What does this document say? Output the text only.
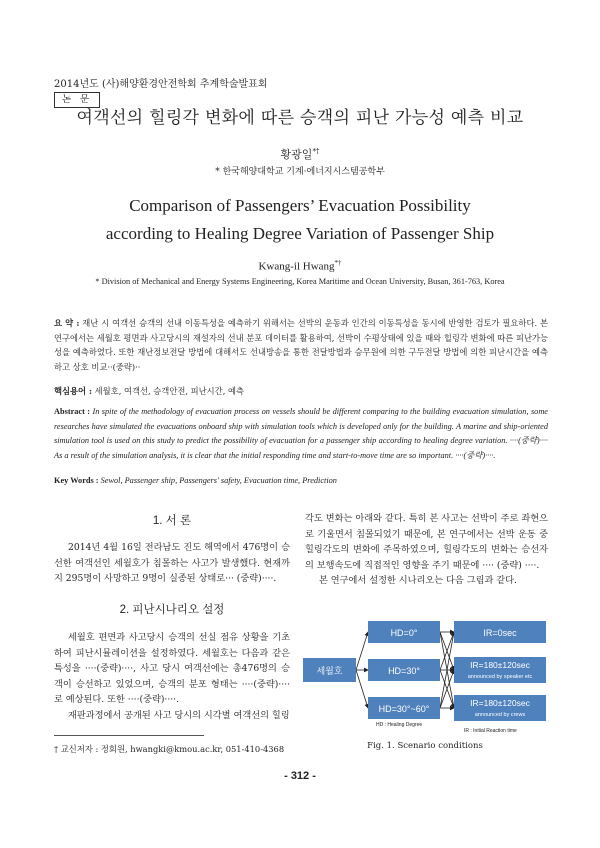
2014년도 (사)해양환경안전학회 추계학술발표회
논 문
여객선의 힐링각 변화에 따른 승객의 피난 가능성 예측 비교
황광일*†
* 한국해양대학교 기계·에너지시스템공학부
Comparison of Passengers’ Evacuation Possibility
according to Healing Degree Variation of Passenger Ship
Kwang-il Hwang*†
* Division of Mechanical and Energy Systems Engineering, Korea Maritime and Ocean University, Busan, 361-763, Korea
요 약 : 재난 시 여객선 승객의 선내 이동특성을 예측하기 위해서는 선박의 운동과 인간의 이동특성을 동시에 반영한 검토가 필요하다. 본 연구에서는 세월호 평면과 사고당시의 재설자의 선내 분포 데이터를 활용하여, 선박이 수평상태에 있을 때와 힐링각 변화에 따른 피난가능성을 예측하였다. 또한 재난정보전달 방법에 대해서도 선내방송을 통한 전달방법과 승무원에 의한 구두전달 방법에 의한 피난시간을 예측하고 상호 비교··(중략)··
핵심용어 : 세월호, 여객선, 승객안전, 피난시간, 예측
Abstract : In spite of the methodology of evacuation process on vessels should be different comparing to the building evacuation simulation, some researches have simulated the evacuations onboard ship with simulation tools which is developed only for the building. A marine and ship-oriented simulation tool is used on this study to predict the possibility of evacuation for a passenger ship according to healing degree variation. ····(중략)···· As a result of the simulation analysis, it is clear that the initial responding time and start-to-move time are so important. ····(중략)····.
Key Words : Sewol, Passenger ship, Passengers' safety, Evacuation time, Prediction
1. 서 론

2014년 4월 16일 전라남도 진도 해역에서 476명이 승선한 여객선인 세월호가 침몰하는 사고가 발생했다. 현재까지 295명이 사망하고 9명이 실종된 상태로··· (중략)····.

2. 피난시나리오 설정

세월호 편면과 사고당시 승객의 선실 점유 상황을 기초하여 피난시뮬레이션을 설정하였다. 세월호는 다음과 같은 특성을 ····(중략)····, 사고 당시 여객선에는 총476명의 승객이 승선하고 있었으며, 승객의 분포 형태는 ····(중략)···· 로 예상된다. 또한 ····(중략)····.

재판과정에서 공개된 사고 당시의 시각별 여객선의 힐링

각도 변화는 아래와 같다. 특히 본 사고는 선박이 주로 좌현으로 기울면서 침몰되었기 때문에, 본 연구에서는 선박 운동 중 힐링각도의 변화에 주목하였으며, 힐링각도의 변화는 승선자의 보행속도에 직접적인 영향을 주기 때문에 ···· (중략) ····.

본 연구에서 설정한 시나리오는 다음 그림과 같다.

세월호
HD=0°
HD=30°
HD=30°~60°
IR=0sec
IR=180±120sec
announced by speaker etc
IR=180±120sec
announced by crews
HD : Healing Degree
IR : Initial Reaction time
Fig. 1. Scenario conditions
† 교신저자 : 정회원, hwangki@kmou.ac.kr, 051-410-4368
- 312 -
